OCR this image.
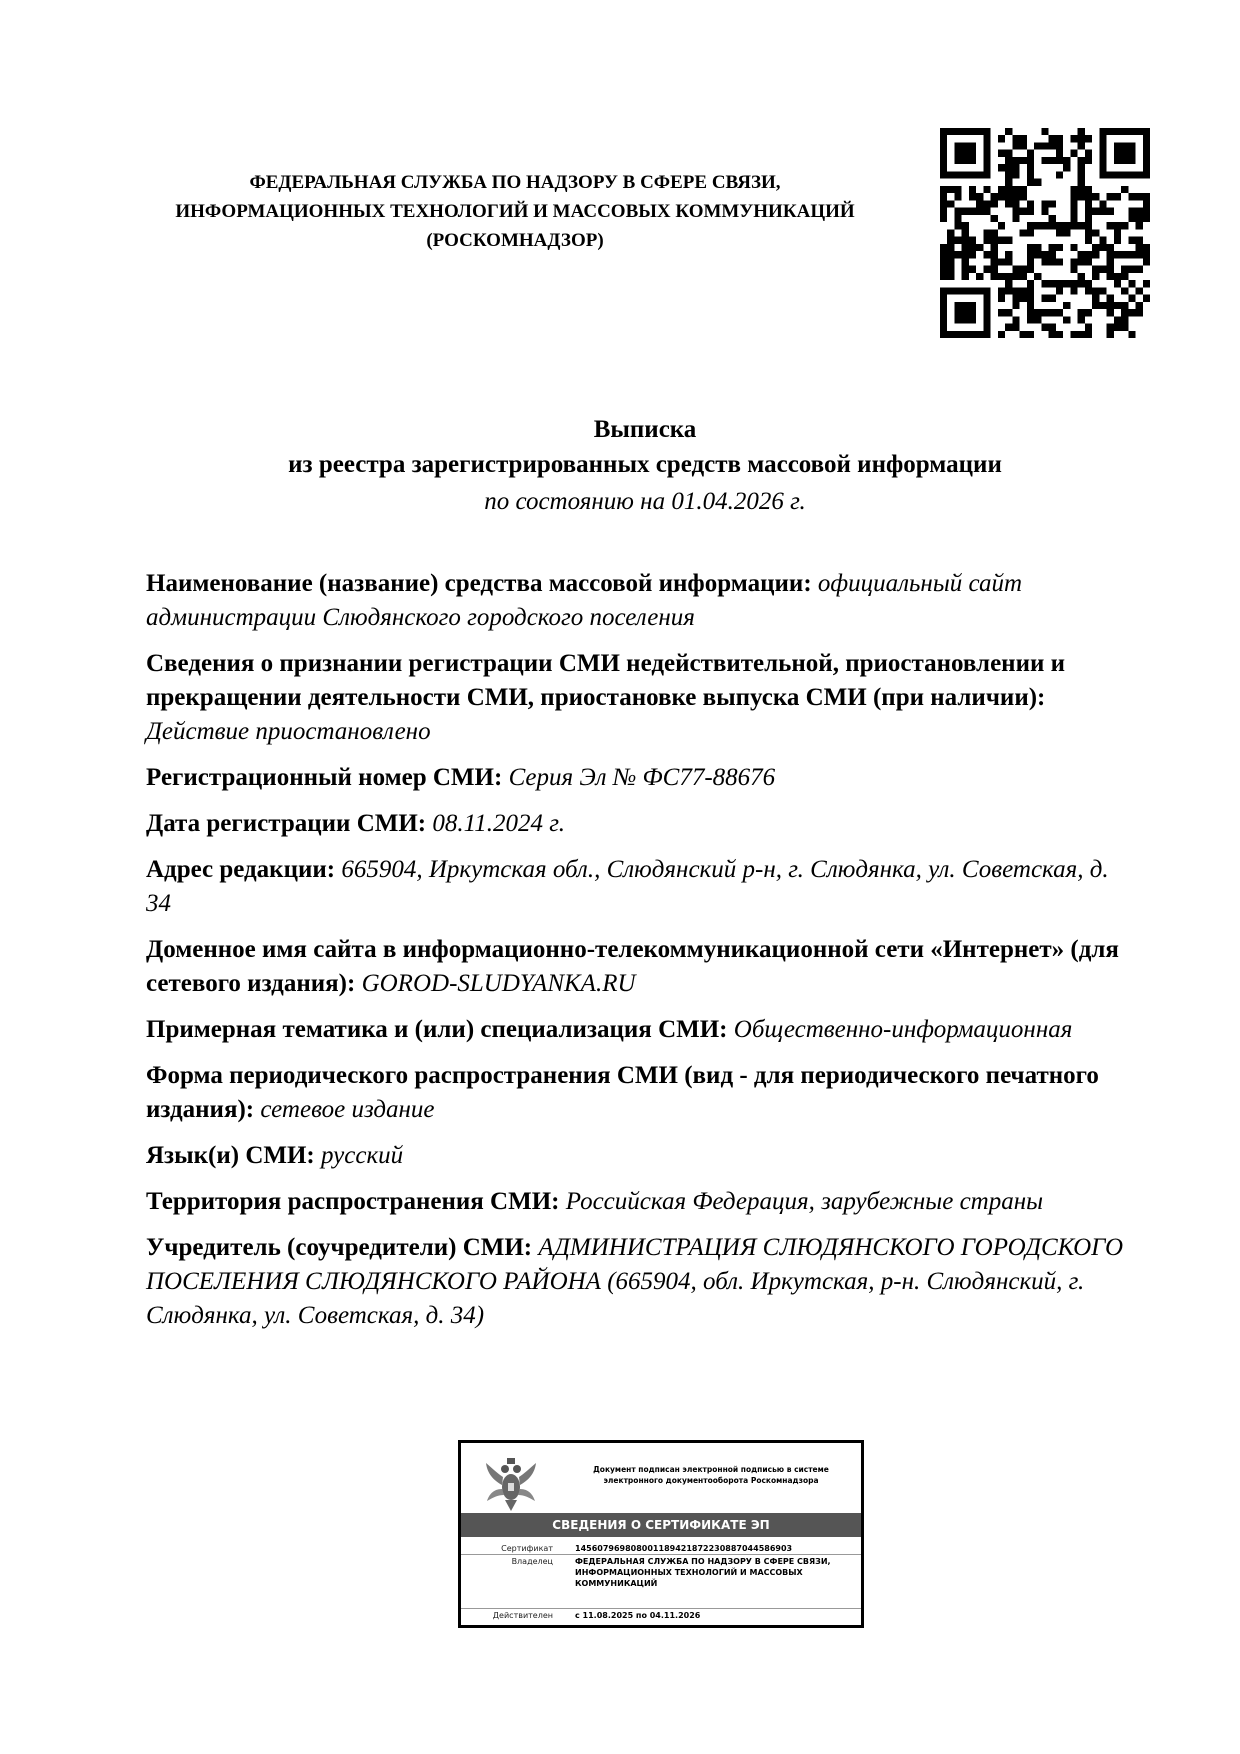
ФЕДЕРАЛЬНАЯ СЛУЖБА ПО НАДЗОРУ В СФЕРЕ СВЯЗИ,
ИНФОРМАЦИОННЫХ ТЕХНОЛОГИЙ И МАССОВЫХ КОММУНИКАЦИЙ
(РОСКОМНАДЗОР)
Выписка
из реестра зарегистрированных средств массовой информации
по состоянию на 01.04.2026 г.
Наименование (название) средства массовой информации: официальный сайт администрации Слюдянского городского поселения
Сведения о признании регистрации СМИ недействительной, приостановлении и прекращении деятельности СМИ, приостановке выпуска СМИ (при наличии): Действие приостановлено
Регистрационный номер СМИ: Серия Эл № ФС77-88676
Дата регистрации СМИ: 08.11.2024 г.
Адрес редакции: 665904, Иркутская обл., Слюдянский р-н, г. Слюдянка, ул. Советская, д. 34
Доменное имя сайта в информационно-телекоммуникационной сети «Интернет» (для сетевого издания): GOROD-SLUDYANKA.RU
Примерная тематика и (или) специализация СМИ: Общественно-информационная
Форма периодического распространения СМИ (вид - для периодического печатного издания): сетевое издание
Язык(и) СМИ: русский
Территория распространения СМИ: Российская Федерация, зарубежные страны
Учредитель (соучредители) СМИ: АДМИНИСТРАЦИЯ СЛЮДЯНСКОГО ГОРОДСКОГО ПОСЕЛЕНИЯ СЛЮДЯНСКОГО РАЙОНА (665904, обл. Иркутская, р-н. Слюдянский, г. Слюдянка, ул. Советская, д. 34)
Документ подписан электронной подписью в системе
электронного документооборота Роскомнадзора
СВЕДЕНИЯ О СЕРТИФИКАТЕ ЭП
Сертификат	1456079698080011894218722308870445​86903
Владелец	ФЕДЕРАЛЬНАЯ СЛУЖБА ПО НАДЗОРУ В СФЕРЕ СВЯЗИ, ИНФОРМАЦИОННЫХ ТЕХНОЛОГИЙ И МАССОВЫХ КОММУНИКАЦИЙ
Действителен	с 11.08.2025 по 04.11.2026
